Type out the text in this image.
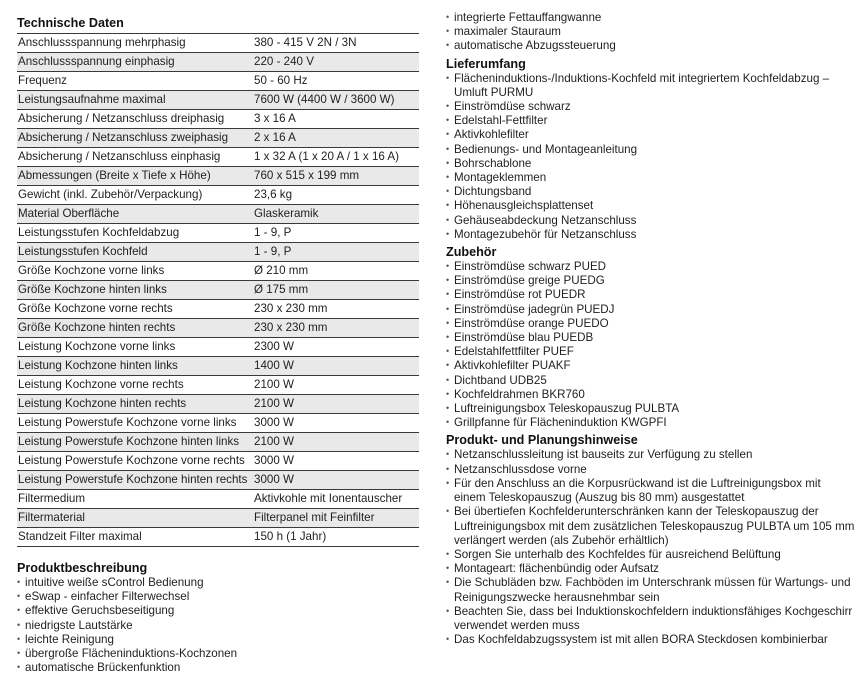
Technische Daten
Anschlussspannung mehrphasig	380 - 415 V 2N / 3N
Anschlussspannung einphasig	220 - 240 V
Frequenz	50 - 60 Hz
Leistungsaufnahme maximal	7600 W (4400 W / 3600 W)
Absicherung / Netzanschluss dreiphasig	3 x 16 A
Absicherung / Netzanschluss zweiphasig	2 x 16 A
Absicherung / Netzanschluss einphasig	1 x 32 A (1 x 20 A / 1 x 16 A)
Abmessungen (Breite x Tiefe x Höhe)	760 x 515 x 199 mm
Gewicht (inkl. Zubehör/Verpackung)	23,6 kg
Material Oberfläche	Glaskeramik
Leistungsstufen Kochfeldabzug	1 - 9, P
Leistungsstufen Kochfeld	1 - 9, P
Größe Kochzone vorne links	Ø 210 mm
Größe Kochzone hinten links	Ø 175 mm
Größe Kochzone vorne rechts	230 x 230 mm
Größe Kochzone hinten rechts	230 x 230 mm
Leistung Kochzone vorne links	2300 W
Leistung Kochzone hinten links	1400 W
Leistung Kochzone vorne rechts	2100 W
Leistung Kochzone hinten rechts	2100 W
Leistung Powerstufe Kochzone vorne links	3000 W
Leistung Powerstufe Kochzone hinten links	2100 W
Leistung Powerstufe Kochzone vorne rechts	3000 W
Leistung Powerstufe Kochzone hinten rechts	3000 W
Filtermedium	Aktivkohle mit Ionentauscher
Filtermaterial	Filterpanel mit Feinfilter
Standzeit Filter maximal	150 h (1 Jahr)
Produktbeschreibung
• intuitive weiße sControl Bedienung
• eSwap - einfacher Filterwechsel
• effektive Geruchsbeseitigung
• niedrigste Lautstärke
• leichte Reinigung
• übergroße Flächeninduktions-Kochzonen
• automatische Brückenfunktion
• integrierte Fettauffangwanne
• maximaler Stauraum
• automatische Abzugssteuerung
Lieferumfang
• Flächeninduktions-/Induktions-Kochfeld mit integriertem Kochfeldabzug –
Umluft PURMU
• Einströmdüse schwarz
• Edelstahl-Fettfilter
• Aktivkohlefilter
• Bedienungs- und Montageanleitung
• Bohrschablone
• Montageklemmen
• Dichtungsband
• Höhenausgleichsplattenset
• Gehäuseabdeckung Netzanschluss
• Montagezubehör für Netzanschluss
Zubehör
• Einströmdüse schwarz PUED
• Einströmdüse greige PUEDG
• Einströmdüse rot PUEDR
• Einströmdüse jadegrün PUEDJ
• Einströmdüse orange PUEDO
• Einströmdüse blau PUEDB
• Edelstahlfettfilter PUEF
• Aktivkohlefilter PUAKF
• Dichtband UDB25
• Kochfeldrahmen BKR760
• Luftreinigungsbox Teleskopauszug PULBTA
• Grillpfanne für Flächeninduktion KWGPFI
Produkt- und Planungshinweise
• Netzanschlussleitung ist bauseits zur Verfügung zu stellen
• Netzanschlussdose vorne
• Für den Anschluss an die Korpusrückwand ist die Luftreinigungsbox mit
einem Teleskopauszug (Auszug bis 80 mm) ausgestattet
• Bei übertiefen Kochfelderunterschränken kann der Teleskopauszug der
Luftreinigungsbox mit dem zusätzlichen Teleskopauszug PULBTA um 105 mm
verlängert werden (als Zubehör erhältlich)
• Sorgen Sie unterhalb des Kochfeldes für ausreichend Belüftung
• Montageart: flächenbündig oder Aufsatz
• Die Schubläden bzw. Fachböden im Unterschrank müssen für Wartungs- und
Reinigungszwecke herausnehmbar sein
• Beachten Sie, dass bei Induktionskochfeldern induktionsfähiges Kochgeschirr
verwendet werden muss
• Das Kochfeldabzugssystem ist mit allen BORA Steckdosen kombinierbar
